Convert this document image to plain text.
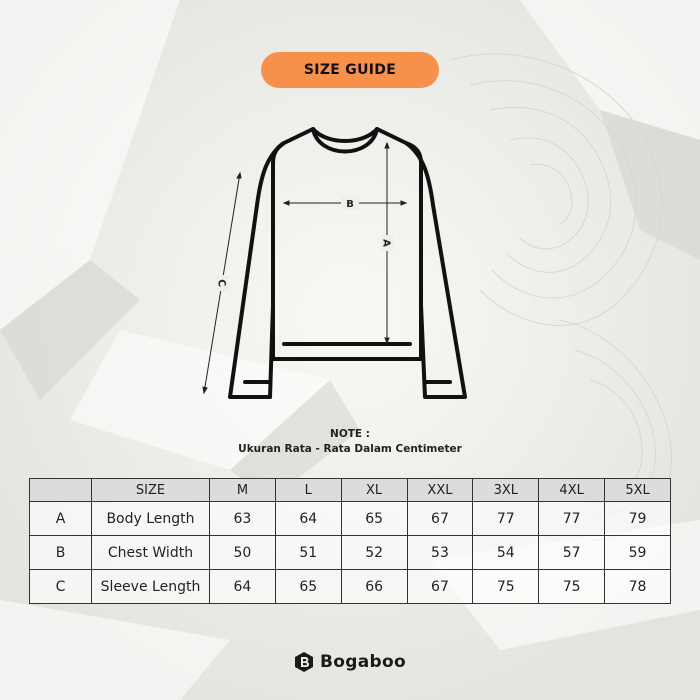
SIZE GUIDE
B
A
C
NOTE :
Ukuran Rata - Rata Dalam Centimeter
	SIZE	M	L	XL	XXL	3XL	4XL	5XL
A	Body Length	63	64	65	67	77	77	79
B	Chest Width	50	51	52	53	54	57	59
C	Sleeve Length	64	65	66	67	75	75	78
Bogaboo
